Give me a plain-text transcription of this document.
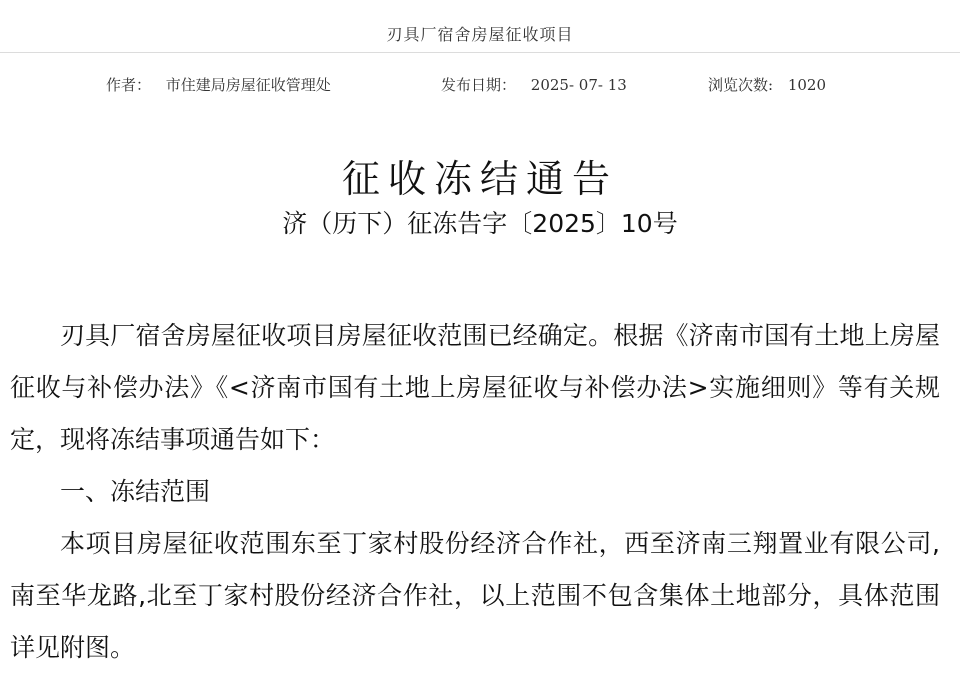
刃具厂宿舍房屋征收项目
作者： 市住建局房屋征收管理处	发布日期： 2025- 07- 13	浏览次数: 1020
征收冻结通告
济（历下）征冻告字〔2025〕10号

刃具厂宿舍房屋征收项目房屋征收范围已经确定。根据《济南市国有土地上房屋征收与补偿办法》《<济南市国有土地上房屋征收与补偿办法>实施细则》等有关规定，现将冻结事项通告如下：

一、冻结范围

本项目房屋征收范围东至丁家村股份经济合作社，西至济南三翔置业有限公司,南至华龙路,北至丁家村股份经济合作社，以上范围不包含集体土地部分，具体范围详见附图。
